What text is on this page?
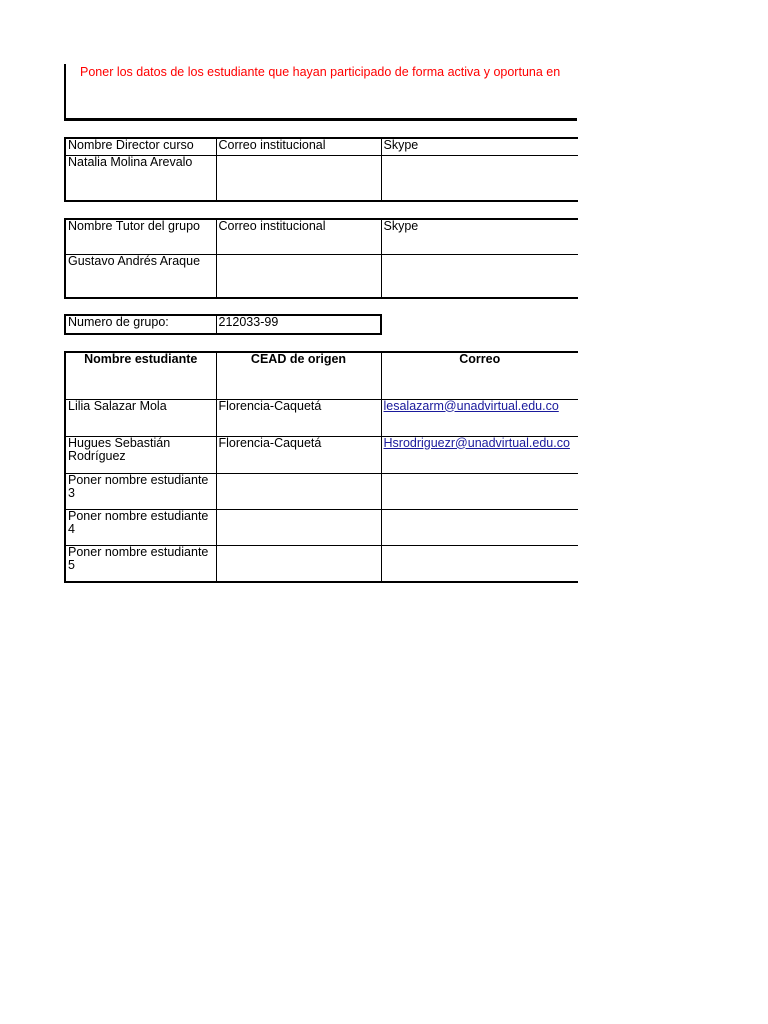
Poner los datos de los estudiante que hayan participado de forma activa y oportuna en
Nombre Director curso	Correo institucional	Skype
Natalia Molina Arevalo		
Nombre Tutor del grupo	Correo institucional	Skype
Gustavo Andrés Araque		
Numero de grupo:	212033-99
Nombre estudiante	CEAD de origen	Correo
Lilia Salazar Mola	Florencia-Caquetá	lesalazarm@unadvirtual.edu.co
Hugues Sebastián Rodríguez	Florencia-Caquetá	Hsrodriguezr@unadvirtual.edu.co
Poner nombre estudiante 3		
Poner nombre estudiante 4		
Poner nombre estudiante 5		
